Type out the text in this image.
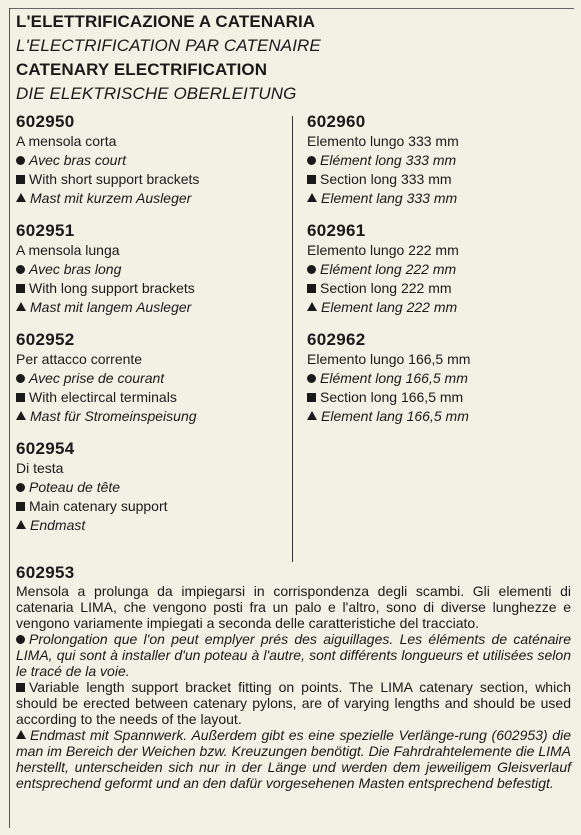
L'ELETTRIFICAZIONE A CATENARIA
L'ELECTRIFICATION PAR CATENAIRE
CATENARY ELECTRIFICATION
DIE ELEKTRISCHE OBERLEITUNG
602950
A mensola corta
Avec bras court
With short support brackets
Mast mit kurzem Ausleger
602951
A mensola lunga
Avec bras long
With long support brackets
Mast mit langem Ausleger
602952
Per attacco corrente
Avec prise de courant
With electircal terminals
Mast für Stromeinspeisung
602954
Di testa
Poteau de tête
Main catenary support
Endmast
602960
Elemento lungo 333 mm
Elément long 333 mm
Section long 333 mm
Element lang 333 mm
602961
Elemento lungo 222 mm
Elément long 222 mm
Section long 222 mm
Element lang 222 mm
602962
Elemento lungo 166,5 mm
Elément long 166,5 mm
Section long 166,5 mm
Element lang 166,5 mm
602953
Mensola a prolunga da impiegarsi in corrispondenza degli scambi. Gli elementi di catenaria LIMA, che vengono posti fra un palo e l'altro, sono di diverse lunghezze e vengono variamente impiegati a seconda delle caratteristiche del tracciato.
Prolongation que l'on peut emplyer prés des aiguillages. Les éléments de caténaire LIMA, qui sont à installer d'un poteau à l'autre, sont différents longueurs et utilisées selon le tracé de la voie.
Variable length support bracket fitting on points. The LIMA catenary section, which should be erected between catenary pylons, are of varying lengths and should be used according to the needs of the layout.
Endmast mit Spannwerk. Außerdem gibt es eine spezielle Verlänge-rung (602953) die man im Bereich der Weichen bzw. Kreuzungen benötigt. Die Fahrdrahtelemente die LIMA herstellt, unterscheiden sich nur in der Länge und werden dem jeweiligem Gleisverlauf entsprechend geformt und an den dafür vorgesehenen Masten entsprechend befestigt.
